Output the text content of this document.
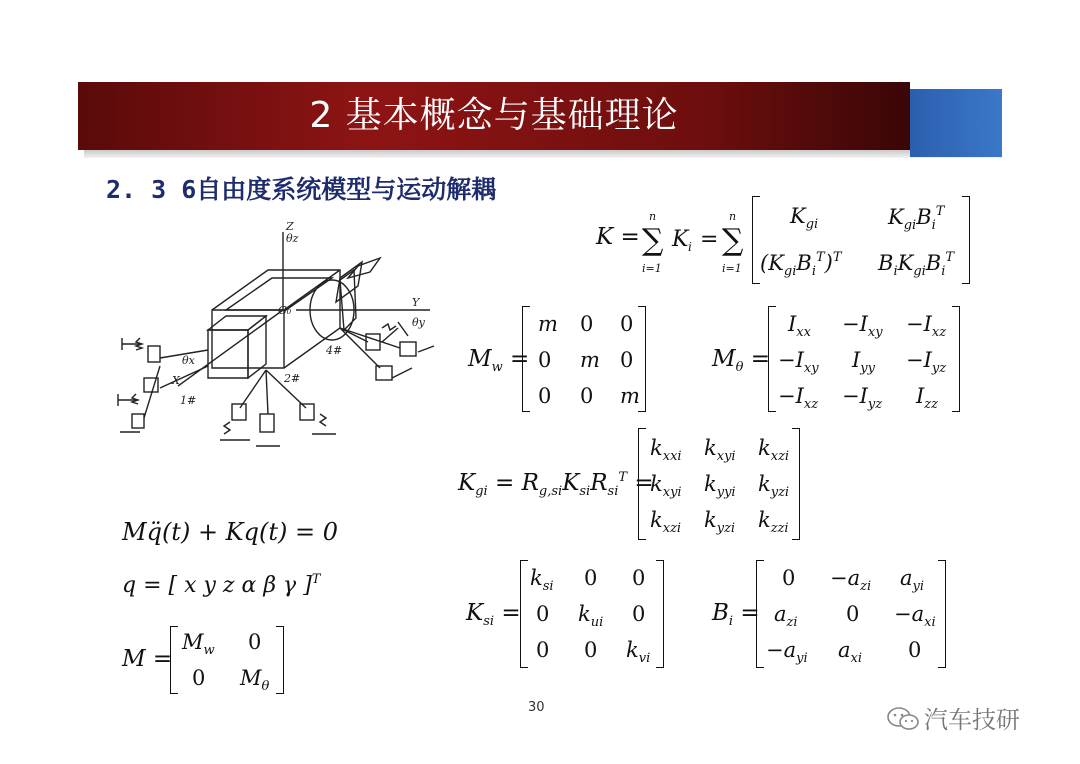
2 基本概念与基础理论
2. 3 6自由度系统模型与运动解耦
Z
θz
Y
θy
X
θx
G₀
1#
2#
4#
K = ∑
n
i=1
K i = ∑
n
i=1
$K_{gi}$	$K_{gi}B_i^T$
$(K_{gi}B_i^T)^T$ $B_iK_{gi}B_i^T$
$M_w$ =
m 0 0
0 m 0
0 0 m
$M_\theta$ =
$I_{xx} -I_{xy} -I_{xz}$
$-I_{xy}$ $I_{yy} -I_{yz}$
$-I_{xz} -I_{yz}$ $I_{zz}$
$K_{gi} = R_{g,si}K_{si}R_{si}^T$ =
$k_{xxi}$ $k_{xyi}$ $k_{xzi}$
$k_{xyi}$ $k_{yyi}$ $k_{yzi}$
$k_{xzi}$ $k_{yzi}$ $k_{zzi}$
Mq̈(t) + Kq(t) = 0
q = [ x y z α β γ ]$^T$
M =
$M_w$ 0
0 $M_\theta$
$K_{si}$ =
$k_{si}$ 0 0
0 $k_{ui}$ 0
0 0 $k_{vi}$
$B_i$ =
$0 -a_{zi}$ $a_{yi}$
$a_{zi}$ $0 -a_{xi}$
$-a_{yi}$ $a_{xi}$ 0
30	汽车技研
